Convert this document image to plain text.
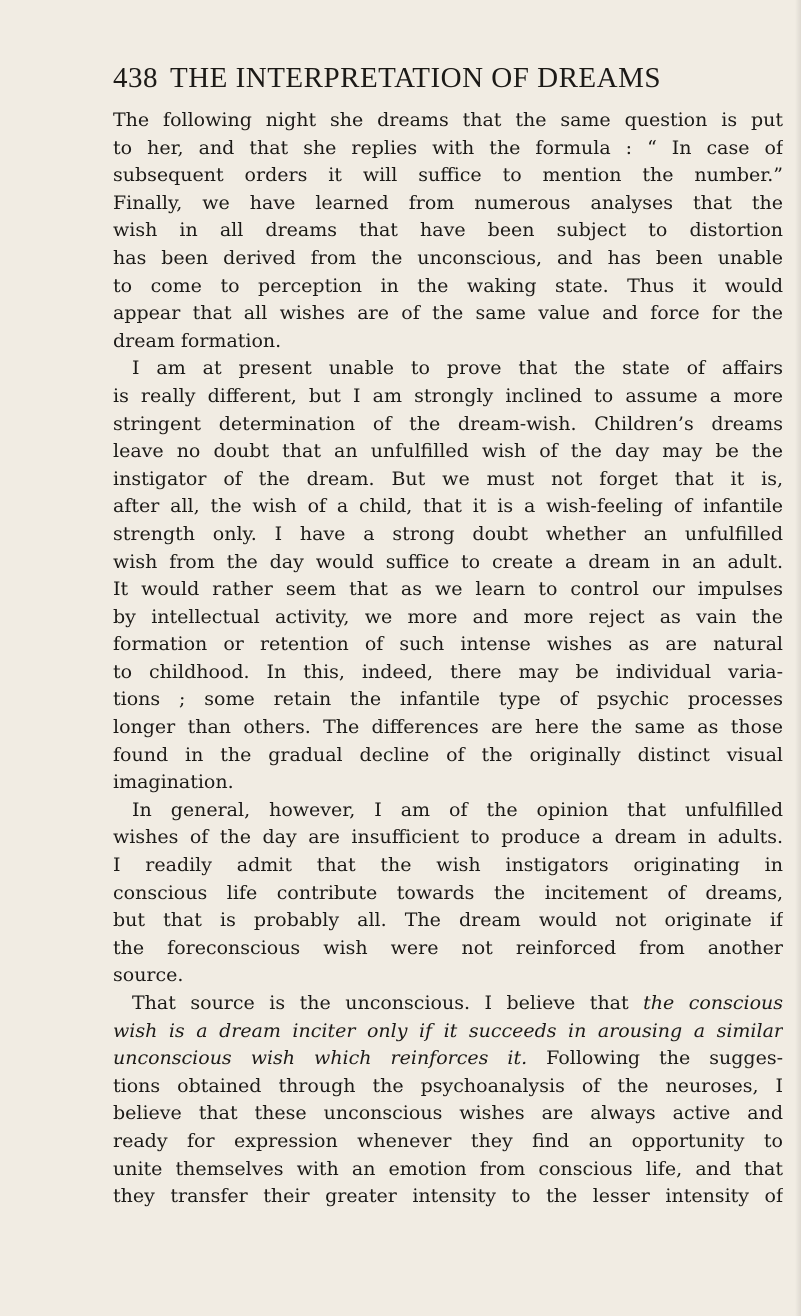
438 THE INTERPRETATION OF DREAMS
The following night she dreams that the same question is put
to her, and that she replies with the formula : “ In case of
subsequent orders it will suffice to mention the number.”
Finally, we have learned from numerous analyses that the
wish in all dreams that have been subject to distortion
has been derived from the unconscious, and has been unable
to come to perception in the waking state. Thus it would
appear that all wishes are of the same value and force for the
dream formation.
I am at present unable to prove that the state of affairs
is really different, but I am strongly inclined to assume a more
stringent determination of the dream-wish. Children’s dreams
leave no doubt that an unfulfilled wish of the day may be the
instigator of the dream. But we must not forget that it is,
after all, the wish of a child, that it is a wish-feeling of infantile
strength only. I have a strong doubt whether an unfulfilled
wish from the day would suffice to create a dream in an adult.
It would rather seem that as we learn to control our impulses
by intellectual activity, we more and more reject as vain the
formation or retention of such intense wishes as are natural
to childhood. In this, indeed, there may be individual varia-
tions ; some retain the infantile type of psychic processes
longer than others. The differences are here the same as those
found in the gradual decline of the originally distinct visual
imagination.
In general, however, I am of the opinion that unfulfilled
wishes of the day are insufficient to produce a dream in adults.
I readily admit that the wish instigators originating in
conscious life contribute towards the incitement of dreams,
but that is probably all. The dream would not originate if
the foreconscious wish were not reinforced from another
source.
That source is the unconscious. I believe that the conscious
wish is a dream inciter only if it succeeds in arousing a similar
unconscious wish which reinforces it. Following the sugges-
tions obtained through the psychoanalysis of the neuroses, I
believe that these unconscious wishes are always active and
ready for expression whenever they find an opportunity to
unite themselves with an emotion from conscious life, and that
they transfer their greater intensity to the lesser intensity of
